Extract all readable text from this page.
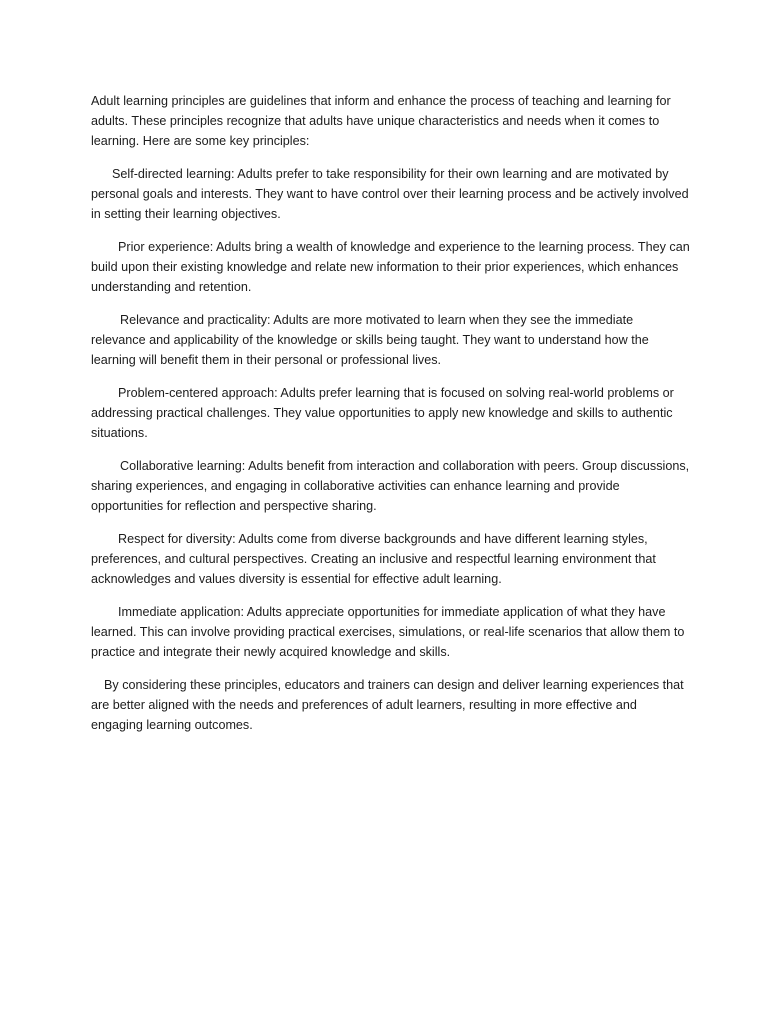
Adult learning principles are guidelines that inform and enhance the process of teaching and learning for adults. These principles recognize that adults have unique characteristics and needs when it comes to learning. Here are some key principles:

Self-directed learning: Adults prefer to take responsibility for their own learning and are motivated by personal goals and interests. They want to have control over their learning process and be actively involved in setting their learning objectives.

Prior experience: Adults bring a wealth of knowledge and experience to the learning process. They can build upon their existing knowledge and relate new information to their prior experiences, which enhances understanding and retention.

Relevance and practicality: Adults are more motivated to learn when they see the immediate relevance and applicability of the knowledge or skills being taught. They want to understand how the learning will benefit them in their personal or professional lives.

Problem-centered approach: Adults prefer learning that is focused on solving real-world problems or addressing practical challenges. They value opportunities to apply new knowledge and skills to authentic situations.

Collaborative learning: Adults benefit from interaction and collaboration with peers. Group discussions, sharing experiences, and engaging in collaborative activities can enhance learning and provide opportunities for reflection and perspective sharing.

Respect for diversity: Adults come from diverse backgrounds and have different learning styles, preferences, and cultural perspectives. Creating an inclusive and respectful learning environment that acknowledges and values diversity is essential for effective adult learning.

Immediate application: Adults appreciate opportunities for immediate application of what they have learned. This can involve providing practical exercises, simulations, or real-life scenarios that allow them to practice and integrate their newly acquired knowledge and skills.

By considering these principles, educators and trainers can design and deliver learning experiences that are better aligned with the needs and preferences of adult learners, resulting in more effective and engaging learning outcomes.
